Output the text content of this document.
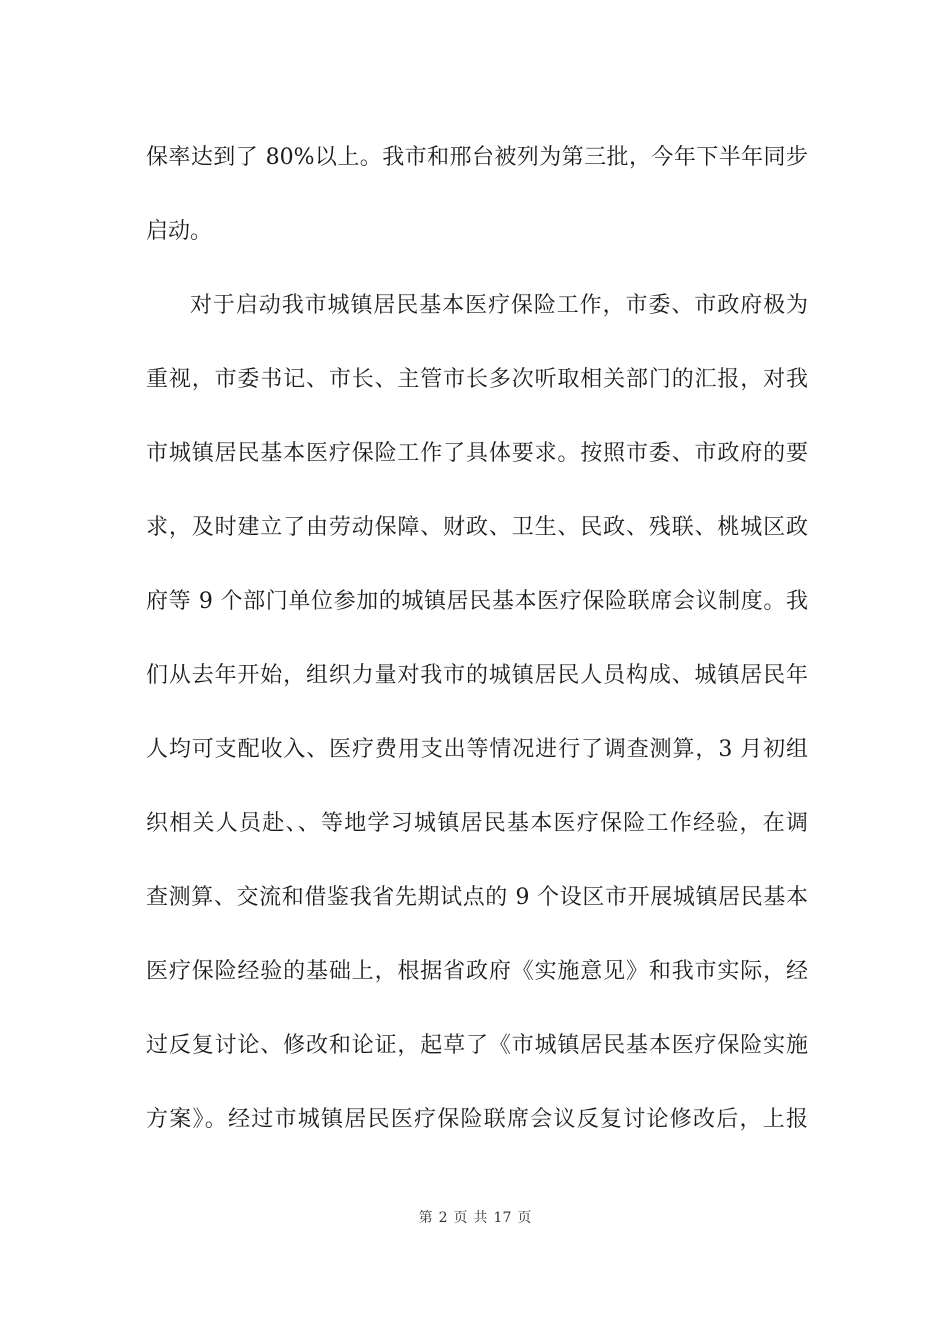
保率达到了 80%以上。我市和邢台被列为第三批，今年下半年同步
启动。
对于启动我市城镇居民基本医疗保险工作，市委、市政府极为
重视，市委书记、市长、主管市长多次听取相关部门的汇报，对我
市城镇居民基本医疗保险工作了具体要求。按照市委、市政府的要
求，及时建立了由劳动保障、财政、卫生、民政、残联、桃城区政
府等 9 个部门单位参加的城镇居民基本医疗保险联席会议制度。我
们从去年开始，组织力量对我市的城镇居民人员构成、城镇居民年
人均可支配收入、医疗费用支出等情况进行了调查测算，3 月初组
织相关人员赴、、等地学习城镇居民基本医疗保险工作经验，在调
查测算、交流和借鉴我省先期试点的 9 个设区市开展城镇居民基本
医疗保险经验的基础上，根据省政府《实施意见》和我市实际，经
过反复讨论、修改和论证，起草了《市城镇居民基本医疗保险实施
方案》。经过市城镇居民医疗保险联席会议反复讨论修改后，上报
第 2 页 共 17 页
